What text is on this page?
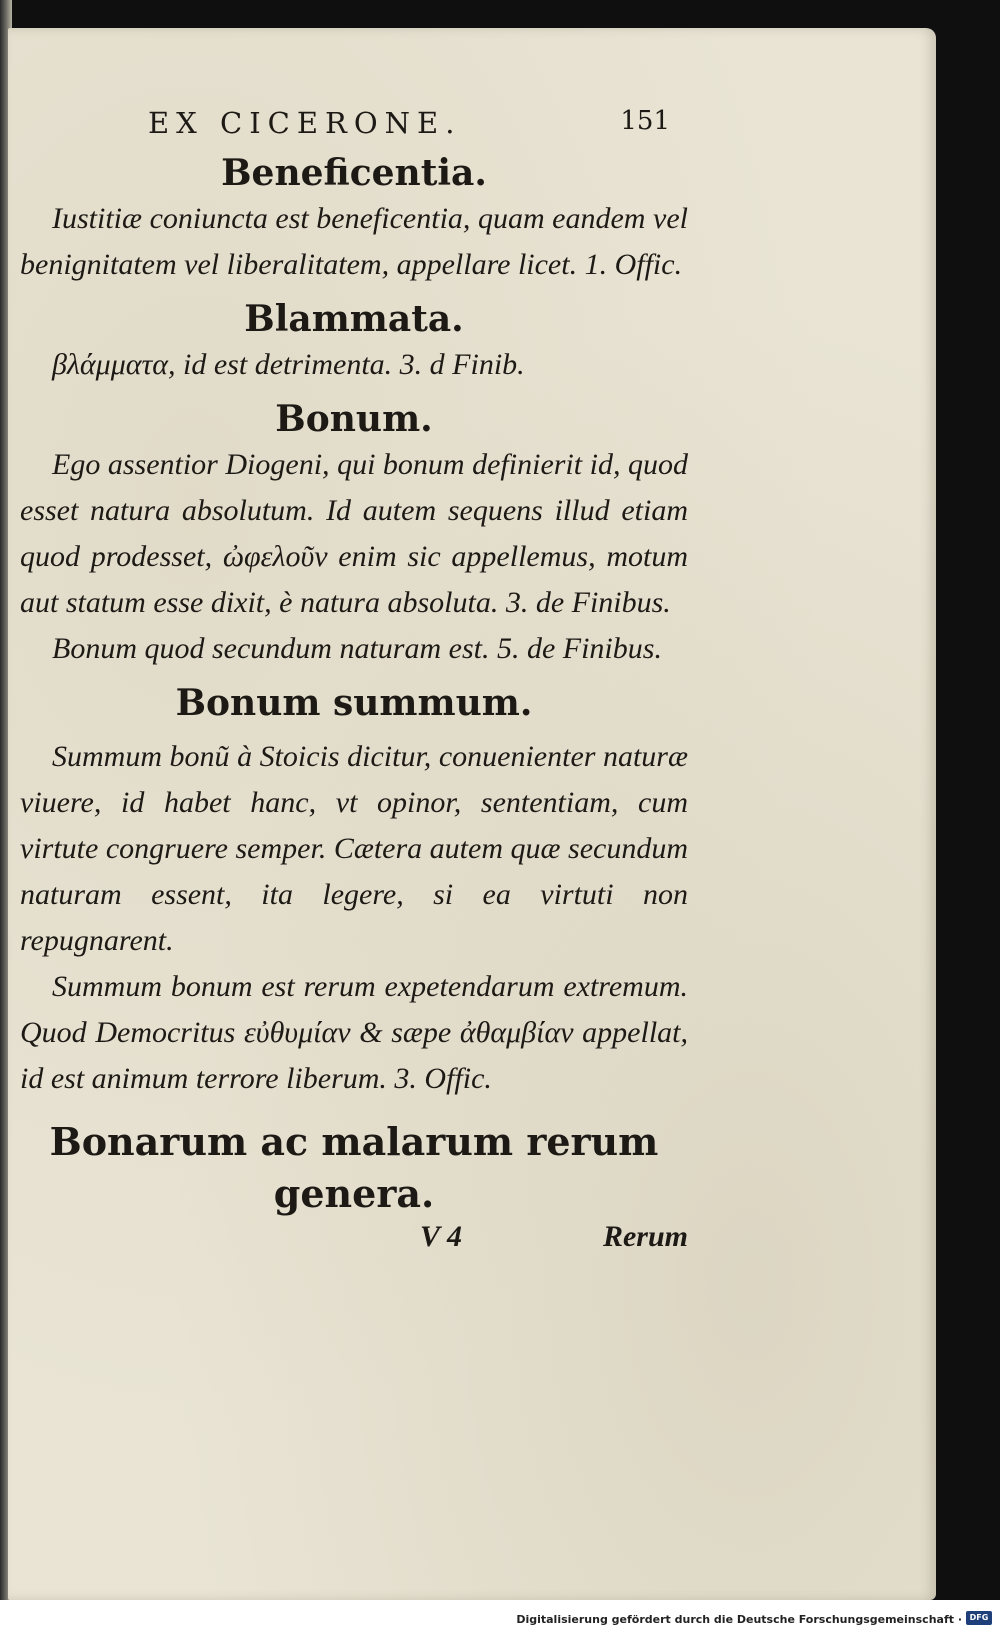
EX CICERONE.	151
Beneficentia.

Iustitiæ coniuncta est beneficentia, quam eandem vel benignitatem vel liberalitatem, appellare licet. 1. Offic.

Blammata.

βλάμματα, id est detrimenta. 3. d Finib.

Bonum.

Ego assentior Diogeni, qui bonum definierit id, quod esset natura absolutum. Id autem sequens illud etiam quod prodesset, ὠφελοῦν enim sic appellemus, motum aut statum esse dixit, è natura absoluta. 3. de Finibus.

Bonum quod secundum naturam est. 5. de Finibus.

Bonum summum.

Summum bonũ à Stoicis dicitur, conuenienter naturæ viuere, id habet hanc, vt opinor, sententiam, cum virtute congruere semper. Cætera autem quæ secundum naturam essent, ita legere, si ea virtuti non repugnarent.

Summum bonum est rerum expetendarum extremum. Quod Democritus εὐθυμίαν & sæpe ἀθαμβίαν appellat, id est animum terrore liberum. 3. Offic.

Bonarum ac malarum rerum genera.
V 4	Rerum
Digitalisierung gefördert durch die Deutsche Forschungsgemeinschaft · DFG
